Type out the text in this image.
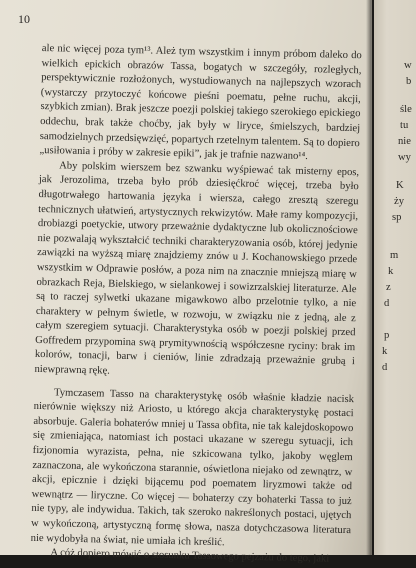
10

ale nic więcej poza tym¹³. Ależ tym wszystkim i innym próbom daleko do wielkich epickich obrazów Tassa, bogatych w szczegóły, rozległych, perspektywicznie rozłożonych, wystudiowanych na najlepszych wzorach (wystarczy przytoczyć końcowe pieśni poematu, pełne ruchu, akcji, szybkich zmian). Brak jeszcze poezji polskiej takiego szerokiego epickiego oddechu, brak także choćby, jak były w liryce, śmielszych, bardziej samodzielnych przedsięwzięć, popartych rzetelnym talentem. Są to dopiero „usiłowania i próby w zakresie epiki”, jak je trafnie nazwano¹⁴.

Aby polskim wierszem bez szwanku wyśpiewać tak misterny epos, jak Jerozolima, trzeba było prób dziesięćkroć więcej, trzeba było długotrwałego hartowania języka i wiersza, całego zresztą szeregu technicznych ułatwień, artystycznych rekwizytów. Małe ramy kompozycji, drobiazgi poetyckie, utwory przeważnie dydaktyczne lub okolicznościowe nie pozwalają wykształcić techniki charakteryzowania osób, której jedynie zawiązki na wyższą miarę znajdziemy znów u J. Kochanowskiego przede wszystkim w Odprawie posłów, a poza nim na znacznie mniejszą miarę w obrazkach Reja, Bielskiego, w sielankowej i sowizrzalskiej literaturze. Ale są to raczej sylwetki ukazane migawkowo albo przelotnie tylko, a nie charaktery w pełnym świetle, w rozwoju, w związku nie z jedną, ale z całym szeregiem sytuacji. Charakterystyka osób w poezji polskiej przed Goffredem przypomina swą prymitywnością współczesne ryciny: brak im kolorów, tonacji, barw i cieniów, linie zdradzają przeważnie grubą i niewprawną rękę.

Tymczasem Tasso na charakterystykę osób właśnie kładzie nacisk nierównie większy niż Ariosto, u którego akcja charakterystykę postaci absorbuje. Galeria bohaterów mniej u Tassa obfita, nie tak kalejdoskopowo się zmieniająca, natomiast ich postaci ukazane w szeregu sytuacji, ich fizjonomia wyrazista, pełna, nie szkicowana tylko, jakoby węglem zaznaczona, ale wykończona starannie, oświetlona niejako od zewnątrz, w akcji, epicznie i dzięki bijącemu pod poematem liryzmowi także od wewnątrz — liryczne. Co więcej — bohaterzy czy bohaterki Tassa to już nie typy, ale indywidua. Takich, tak szeroko nakreślonych postaci, ujętych w wykończoną, artystyczną formę słowa, nasza dotychczasowa literatura nie wydobyła na świat, nie umiała ich kreślić.

A cóż dopiero mówić o stosunku Tassowego pejzażu do tego, jaki

w
b
śle
tu
nie
wy
K
ży
sp
m
k
z
d
p
k
d
